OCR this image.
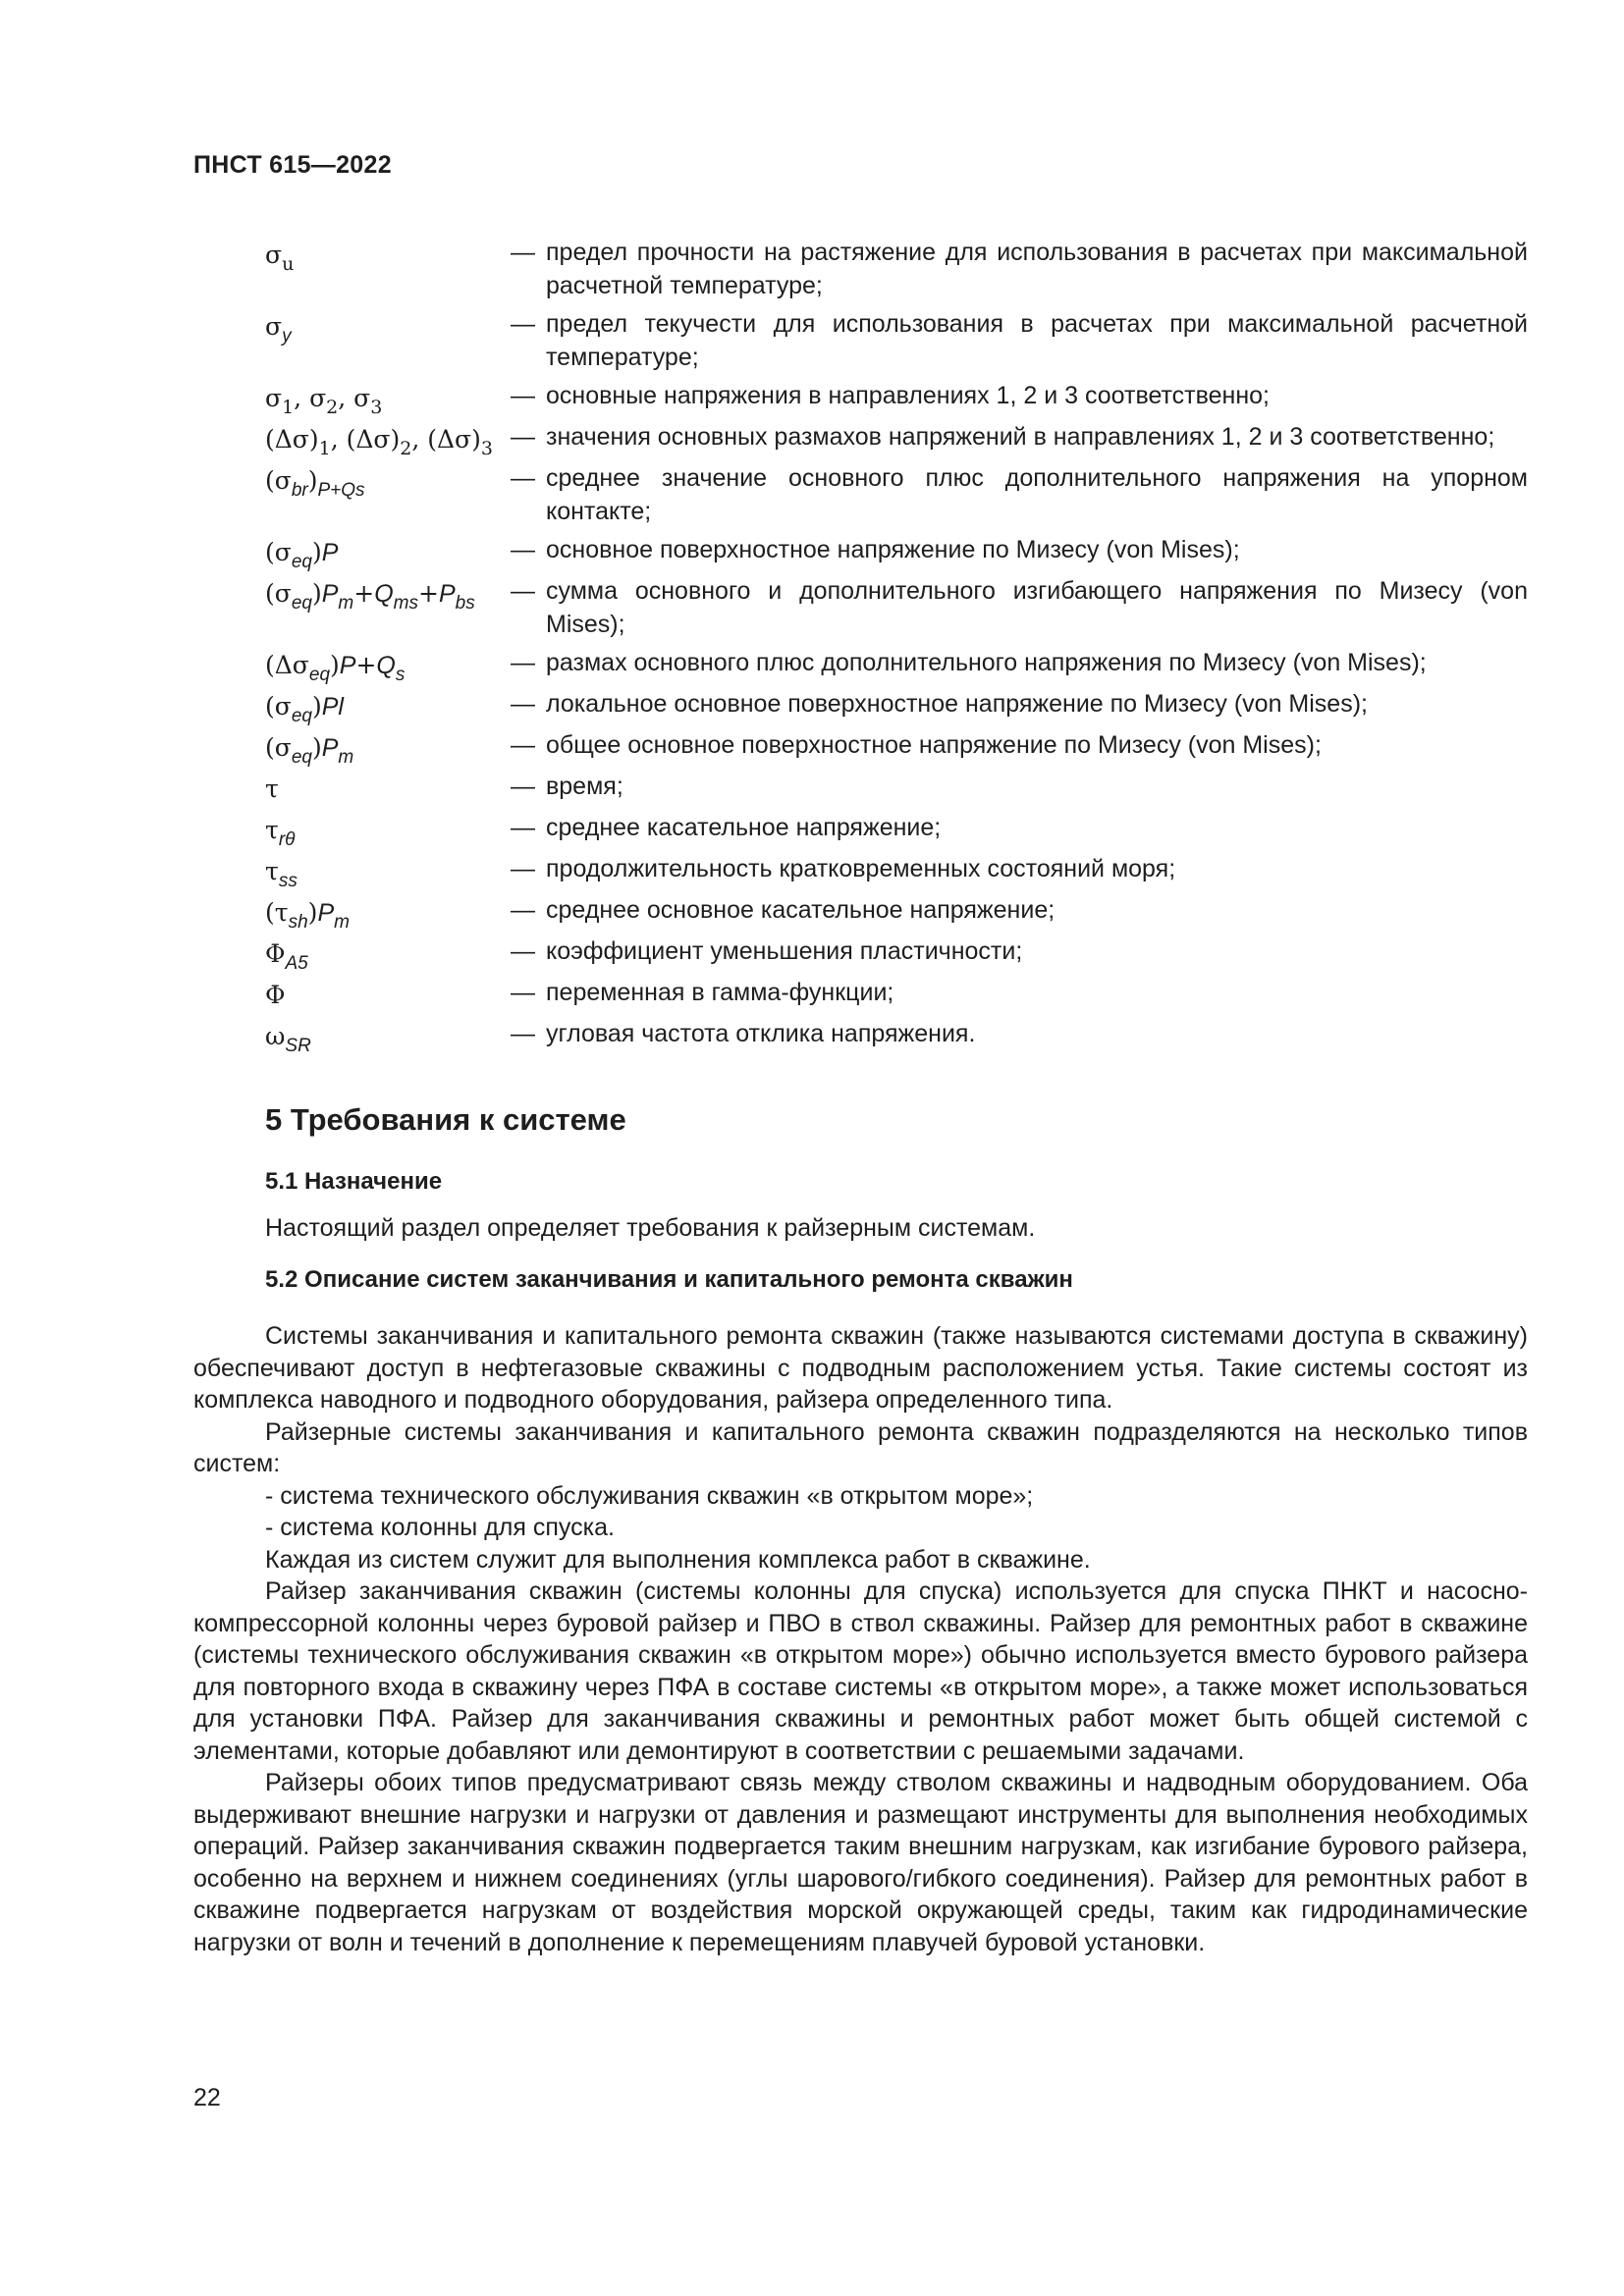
ПНСТ 615—2022
$\sigma_u$	— предел прочности на растяжение для использования в расчетах при максимальной расчетной температуре;
$\sigma_y$	— предел текучести для использования в расчетах при максимальной расчетной температуре;
$\sigma_1$, $\sigma_2$, $\sigma_3$	— основные напряжения в направлениях 1, 2 и 3 соответственно;
$(\Delta\sigma)_1$, $(\Delta\sigma)_2$, $(\Delta\sigma)_3$ — значения основных размахов напряжений в направлениях 1, 2 и 3 соответственно;
$(\sigma_{br})_{P+Qs}$	— среднее значение основного плюс дополнительного напряжения на упорном контакте;
$(\sigma_{eq})P$	— основное поверхностное напряжение по Мизесу (von Mises);
$(\sigma_{eq})P_m+Q_{ms}+P_{bs}$	— сумма основного и дополнительного изгибающего напряжения по Мизесу (von Mises);
$(\Delta\sigma_{eq})P+Q_s$	— размах основного плюс дополнительного напряжения по Мизесу (von Mises);
$(\sigma_{eq})Pl$	— локальное основное поверхностное напряжение по Мизесу (von Mises);
$(\sigma_{eq})P_m$	— общее основное поверхностное напряжение по Мизесу (von Mises);
τ	— время;
$\tau_{r\theta}$	— среднее касательное напряжение;
$\tau_{ss}$	— продолжительность кратковременных состояний моря;
$(\tau_{sh})P_m$	— среднее основное касательное напряжение;
$\Phi_{A5}$	— коэффициент уменьшения пластичности;
Φ	— переменная в гамма-функции;
$\omega_{SR}$	— угловая частота отклика напряжения.
5 Требования к системе
5.1 Назначение
Настоящий раздел определяет требования к райзерным системам.
5.2 Описание систем заканчивания и капитального ремонта скважин

Системы заканчивания и капитального ремонта скважин (также называются системами доступа в скважину) обеспечивают доступ в нефтегазовые скважины с подводным расположением устья. Такие системы состоят из комплекса наводного и подводного оборудования, райзера определенного типа.

Райзерные системы заканчивания и капитального ремонта скважин подразделяются на несколько типов систем:

- система технического обслуживания скважин «в открытом море»;

- система колонны для спуска.

Каждая из систем служит для выполнения комплекса работ в скважине.

Райзер заканчивания скважин (системы колонны для спуска) используется для спуска ПНКТ и насосно-компрессорной колонны через буровой райзер и ПВО в ствол скважины. Райзер для ремонтных работ в скважине (системы технического обслуживания скважин «в открытом море») обычно используется вместо бурового райзера для повторного входа в скважину через ПФА в составе системы «в открытом море», а также может использоваться для установки ПФА. Райзер для заканчивания скважины и ремонтных работ может быть общей системой с элементами, которые добавляют или демонтируют в соответствии с решаемыми задачами.

Райзеры обоих типов предусматривают связь между стволом скважины и надводным оборудованием. Оба выдерживают внешние нагрузки и нагрузки от давления и размещают инструменты для выполнения необходимых операций. Райзер заканчивания скважин подвергается таким внешним нагрузкам, как изгибание бурового райзера, особенно на верхнем и нижнем соединениях (углы шарового/гибкого соединения). Райзер для ремонтных работ в скважине подвергается нагрузкам от воздействия морской окружающей среды, таким как гидродинамические нагрузки от волн и течений в дополнение к перемещениям плавучей буровой установки.

22
